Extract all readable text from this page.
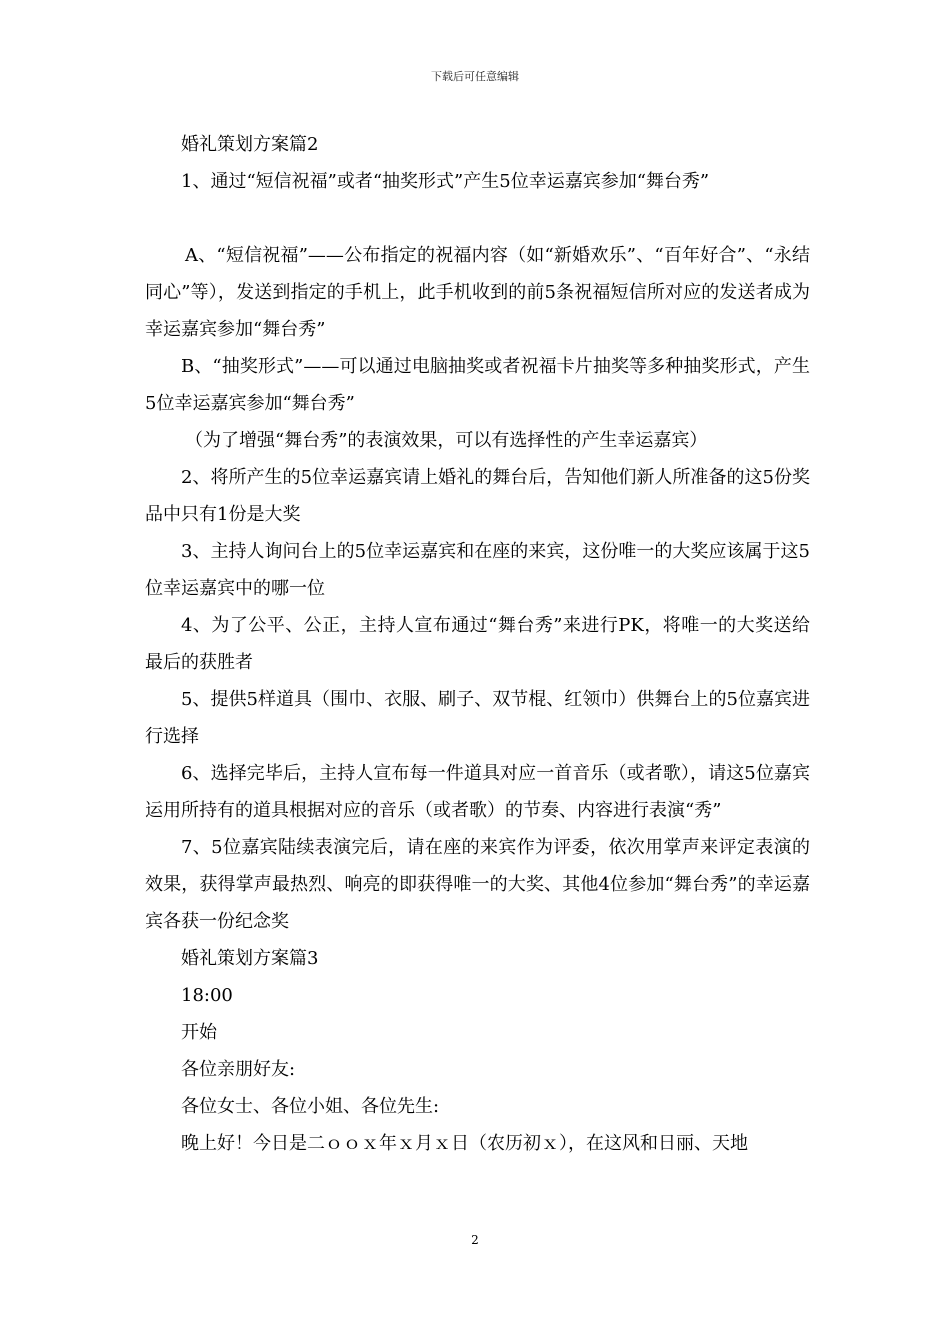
下载后可任意编辑

婚礼策划方案篇2

1、通过“短信祝福”或者“抽奖形式”产生5位幸运嘉宾参加“舞台秀”

A、“短信祝福”——公布指定的祝福内容（如“新婚欢乐”、“百年好合”、“永结同心”等），发送到指定的手机上，此手机收到的前5条祝福短信所对应的发送者成为幸运嘉宾参加“舞台秀”

B、“抽奖形式”——可以通过电脑抽奖或者祝福卡片抽奖等多种抽奖形式，产生5位幸运嘉宾参加“舞台秀”

（为了增强“舞台秀”的表演效果，可以有选择性的产生幸运嘉宾）

2、将所产生的5位幸运嘉宾请上婚礼的舞台后，告知他们新人所准备的这5份奖品中只有1份是大奖

3、主持人询问台上的5位幸运嘉宾和在座的来宾，这份唯一的大奖应该属于这5位幸运嘉宾中的哪一位

4、为了公平、公正，主持人宣布通过“舞台秀”来进行PK，将唯一的大奖送给最后的获胜者

5、提供5样道具（围巾、衣服、刷子、双节棍、红领巾）供舞台上的5位嘉宾进行选择

6、选择完毕后，主持人宣布每一件道具对应一首音乐（或者歌），请这5位嘉宾运用所持有的道具根据对应的音乐（或者歌）的节奏、内容进行表演“秀”

7、5位嘉宾陆续表演完后，请在座的来宾作为评委，依次用掌声来评定表演的效果，获得掌声最热烈、响亮的即获得唯一的大奖、其他4位参加“舞台秀”的幸运嘉宾各获一份纪念奖

婚礼策划方案篇3

18:00

开始

各位亲朋好友:

各位女士、各位小姐、各位先生:

晚上好！今日是二ｏｏｘ年ｘ月ｘ日（农历初ｘ），在这风和日丽、天地

2
